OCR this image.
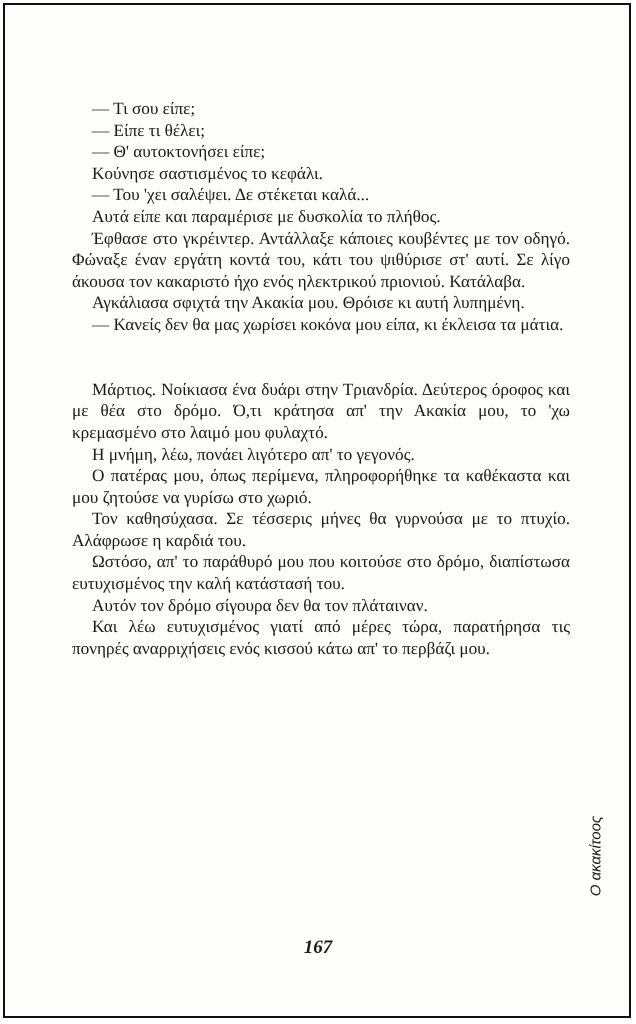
— Τι σου είπε;

— Είπε τι θέλει;

— Θ' αυτοκτονήσει είπε;

Κούνησε σαστισμένος το κεφάλι.

— Του 'χει σαλέψει. Δε στέκεται καλά...

Αυτά είπε και παραμέρισε με δυσκολία το πλήθος.

Έφθασε στο γκρέιντερ. Αντάλλαξε κάποιες κουβέντες με τον οδηγό. Φώναξε έναν εργάτη κοντά του, κάτι του ψιθύρισε στ' αυτί. Σε λίγο άκουσα τον κακαριστό ήχο ενός ηλεκτρικού πριονιού. Κατάλαβα.

Αγκάλιασα σφιχτά την Ακακία μου. Θρόισε κι αυτή λυπημένη.

— Κανείς δεν θα μας χωρίσει κοκόνα μου είπα, κι έκλεισα τα μάτια.

Μάρτιος. Νοίκιασα ένα δυάρι στην Τριανδρία. Δεύτερος όροφος και με θέα στο δρόμο. Ό,τι κράτησα απ' την Ακακία μου, το 'χω κρεμασμένο στο λαιμό μου φυλαχτό.

Η μνήμη, λέω, πονάει λιγότερο απ' το γεγονός.

Ο πατέρας μου, όπως περίμενα, πληροφορήθηκε τα καθέκαστα και μου ζητούσε να γυρίσω στο χωριό.

Τον καθησύχασα. Σε τέσσερις μήνες θα γυρνούσα με το πτυχίο. Αλάφρωσε η καρδιά του.

Ωστόσο, απ' το παράθυρό μου που κοιτούσε στο δρόμο, διαπίστωσα ευτυχισμένος την καλή κατάστασή του.

Αυτόν τον δρόμο σίγουρα δεν θα τον πλάταιναν.

Και λέω ευτυχισμένος γιατί από μέρες τώρα, παρατήρησα τις πονηρές αναρριχήσεις ενός κισσού κάτω απ' το περβάζι μου.

O ακακίτοος
167
